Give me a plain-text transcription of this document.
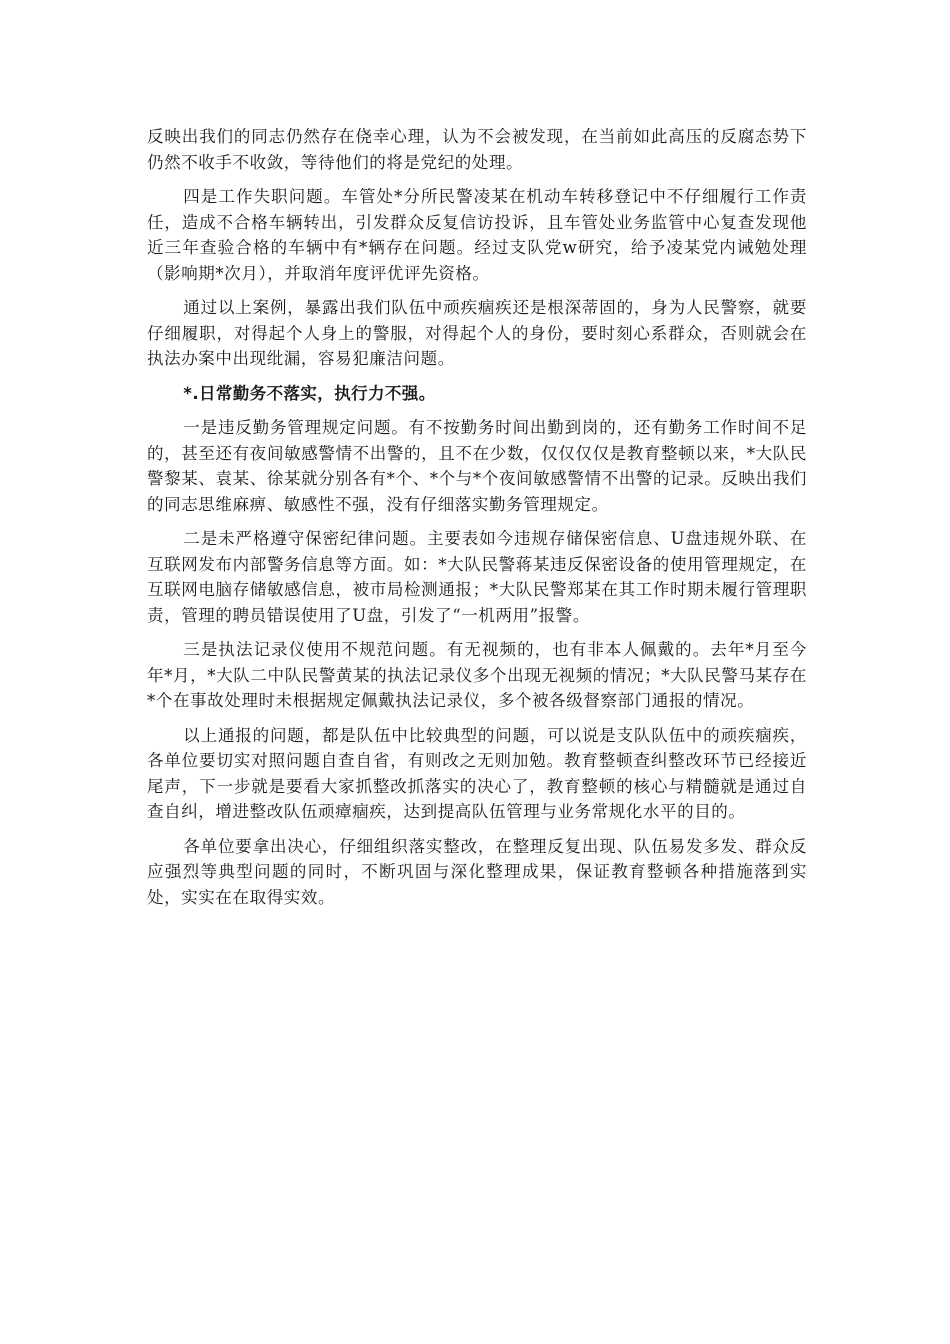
反映出我们的同志仍然存在侥幸心理，认为不会被发现，在当前如此高压的反腐态势下仍然不收手不收敛，等待他们的将是党纪的处理。

四是工作失职问题。车管处*分所民警凌某在机动车转移登记中不仔细履行工作责任，造成不合格车辆转出，引发群众反复信访投诉，且车管处业务监管中心复查发现他近三年查验合格的车辆中有*辆存在问题。经过支队党w研究，给予凌某党内诫勉处理（影响期*次月），并取消年度评优评先资格。

通过以上案例，暴露出我们队伍中顽疾痼疾还是根深蒂固的，身为人民警察，就要仔细履职，对得起个人身上的警服，对得起个人的身份，要时刻心系群众，否则就会在执法办案中出现纰漏，容易犯廉洁问题。

*.日常勤务不落实，执行力不强。

一是违反勤务管理规定问题。有不按勤务时间出勤到岗的，还有勤务工作时间不足的，甚至还有夜间敏感警情不出警的，且不在少数，仅仅仅仅是教育整顿以来，*大队民警黎某、袁某、徐某就分别各有*个、*个与*个夜间敏感警情不出警的记录。反映出我们的同志思维麻痹、敏感性不强，没有仔细落实勤务管理规定。

二是未严格遵守保密纪律问题。主要表如今违规存储保密信息、U盘违规外联、在互联网发布内部警务信息等方面。如：*大队民警蒋某违反保密设备的使用管理规定，在互联网电脑存储敏感信息，被市局检测通报；*大队民警郑某在其工作时期未履行管理职责，管理的聘员错误使用了U盘，引发了“一机两用”报警。

三是执法记录仪使用不规范问题。有无视频的，也有非本人佩戴的。去年*月至今年*月，*大队二中队民警黄某的执法记录仪多个出现无视频的情况；*大队民警马某存在*个在事故处理时未根据规定佩戴执法记录仪，多个被各级督察部门通报的情况。

以上通报的问题，都是队伍中比较典型的问题，可以说是支队队伍中的顽疾痼疾，各单位要切实对照问题自查自省，有则改之无则加勉。教育整顿查纠整改环节已经接近尾声，下一步就是要看大家抓整改抓落实的决心了，教育整顿的核心与精髓就是通过自查自纠，增进整改队伍顽瘴痼疾，达到提高队伍管理与业务常规化水平的目的。

各单位要拿出决心，仔细组织落实整改，在整理反复出现、队伍易发多发、群众反应强烈等典型问题的同时，不断巩固与深化整理成果，保证教育整顿各种措施落到实处，实实在在取得实效。
